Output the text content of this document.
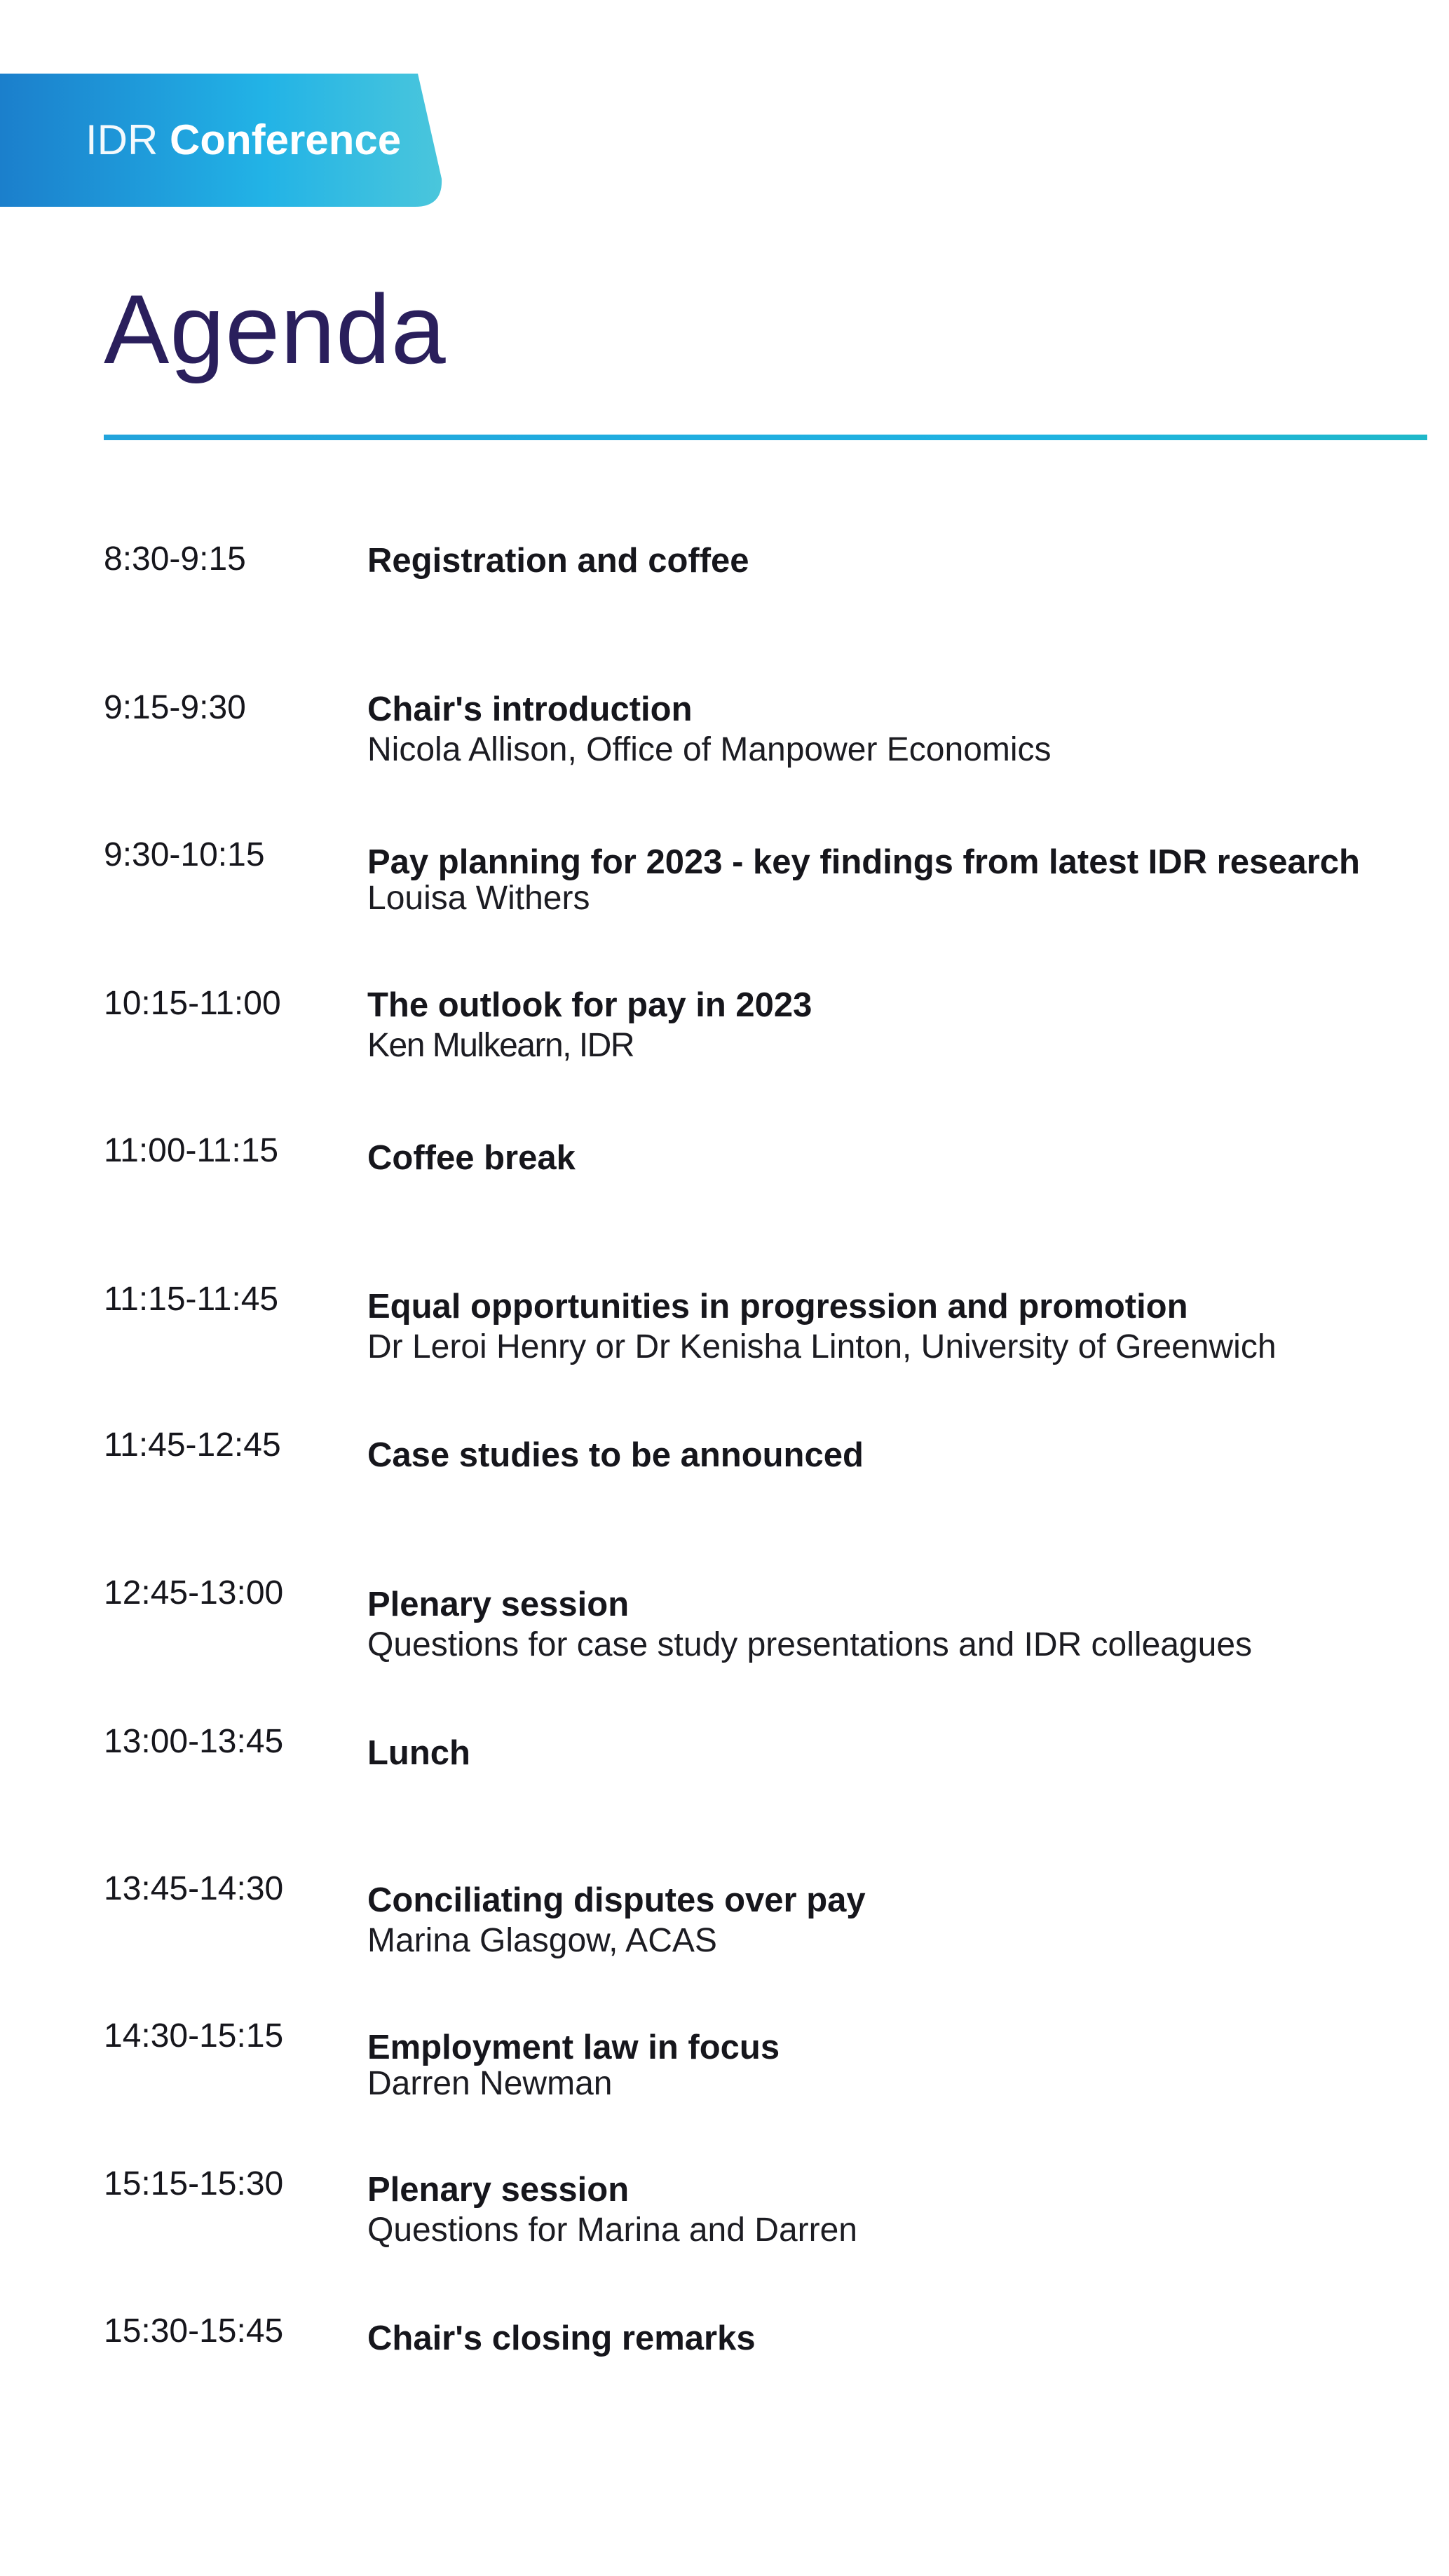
IDR Conference
Agenda
8:30-9:15	Registration and coffee
9:15-9:30	Chair's introduction
Nicola Allison, Office of Manpower Economics
9:30-10:15	Pay planning for 2023 - key findings from latest IDR research
Louisa Withers
10:15-11:00	The outlook for pay in 2023
Ken Mulkearn, IDR
11:00-11:15	Coffee break
11:15-11:45	Equal opportunities in progression and promotion
Dr Leroi Henry or Dr Kenisha Linton, University of Greenwich
11:45-12:45	Case studies to be announced
12:45-13:00 Plenary session
Questions for case study presentations and IDR colleagues
13:00-13:45 Lunch
13:45-14:30 Conciliating disputes over pay
Marina Glasgow, ACAS
14:30-15:15 Employment law in focus
Darren Newman
15:15-15:30 Plenary session
Questions for Marina and Darren
15:30-15:45 Chair's closing remarks
